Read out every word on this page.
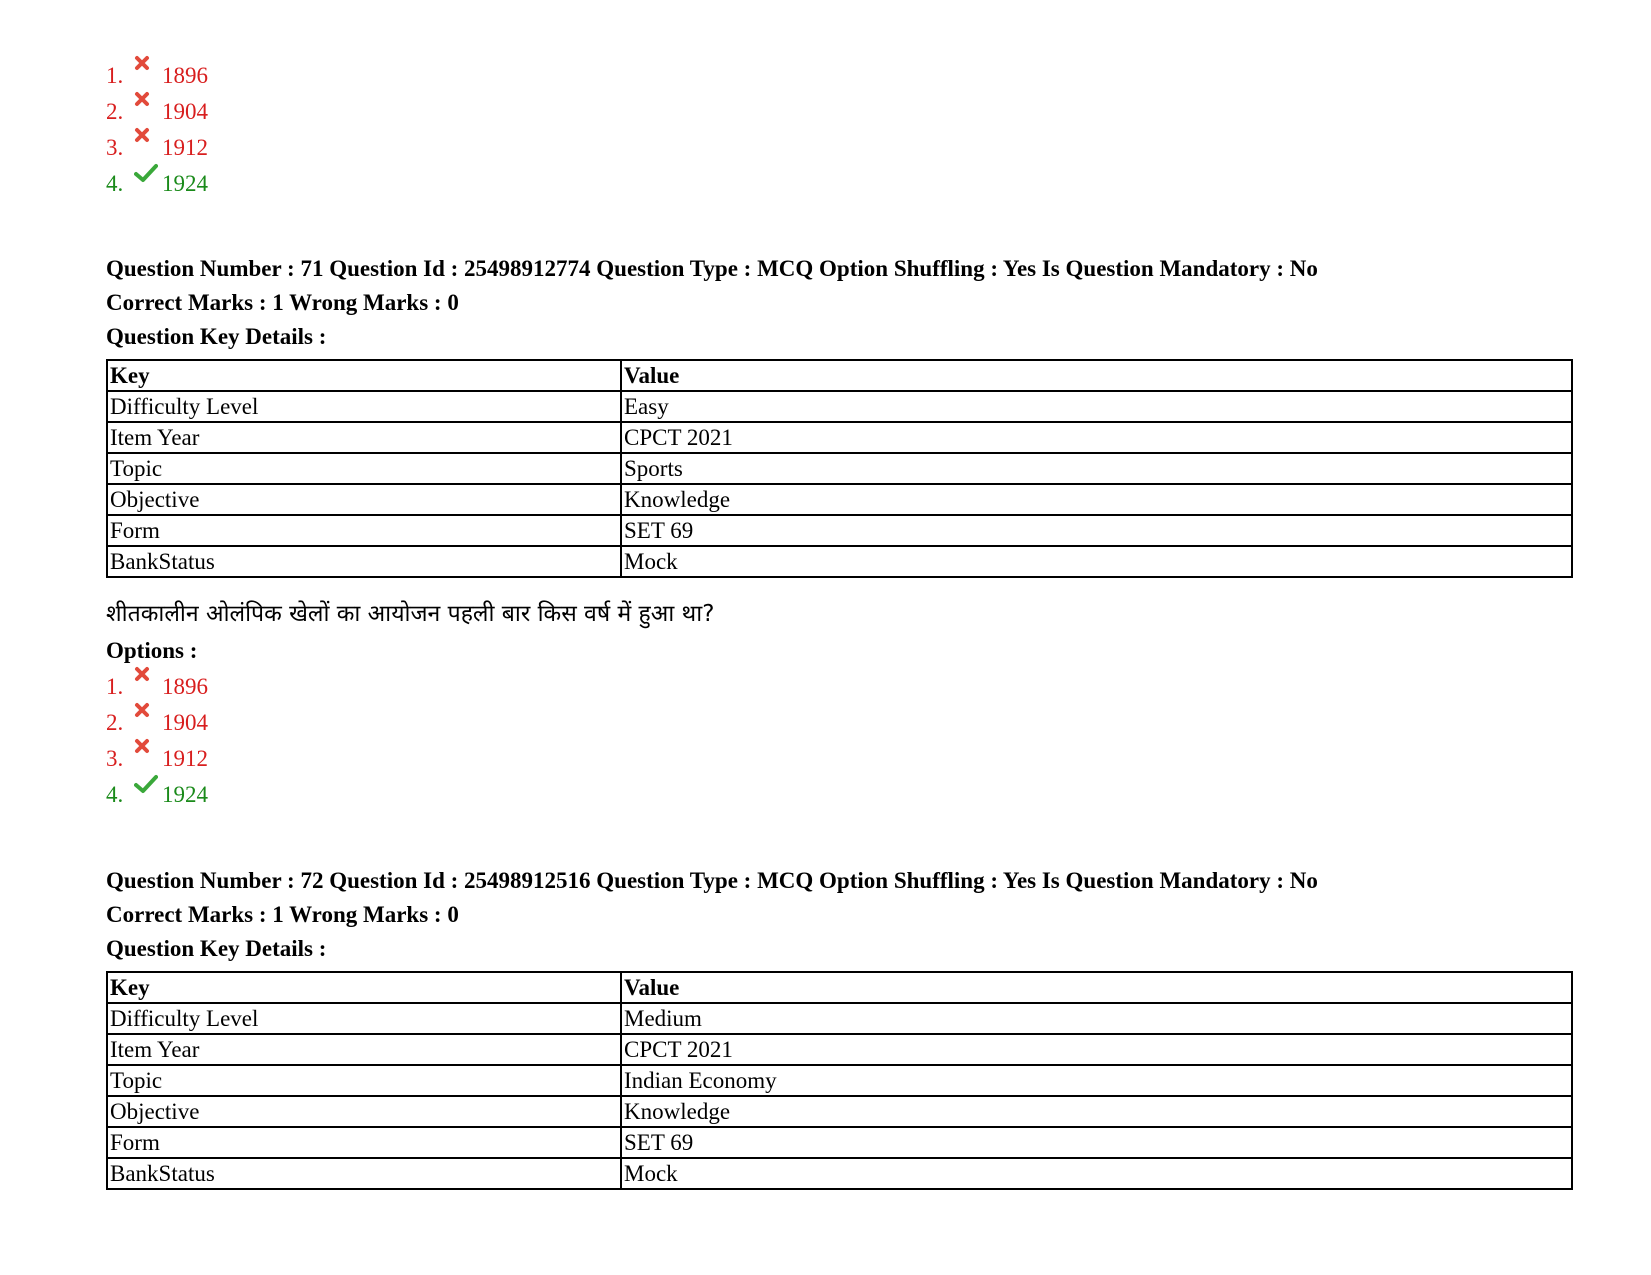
1. 1896
2. 1904
3. 1912
4. 1924
Question Number : 71 Question Id : 25498912774 Question Type : MCQ Option Shuffling : Yes Is Question Mandatory : No
Correct Marks : 1 Wrong Marks : 0
Question Key Details :
Key	Value
Difficulty Level	Easy
Item Year	CPCT 2021
Topic	Sports
Objective	Knowledge
Form	SET 69
BankStatus	Mock
शीतकालीन ओलंपिक खेलों का आयोजन पहली बार किस वर्ष में हुआ था?
Options :
1. 1896
2. 1904
3. 1912
4. 1924
Question Number : 72 Question Id : 25498912516 Question Type : MCQ Option Shuffling : Yes Is Question Mandatory : No
Correct Marks : 1 Wrong Marks : 0
Question Key Details :
Key	Value
Difficulty Level	Medium
Item Year	CPCT 2021
Topic	Indian Economy
Objective	Knowledge
Form	SET 69
BankStatus	Mock
